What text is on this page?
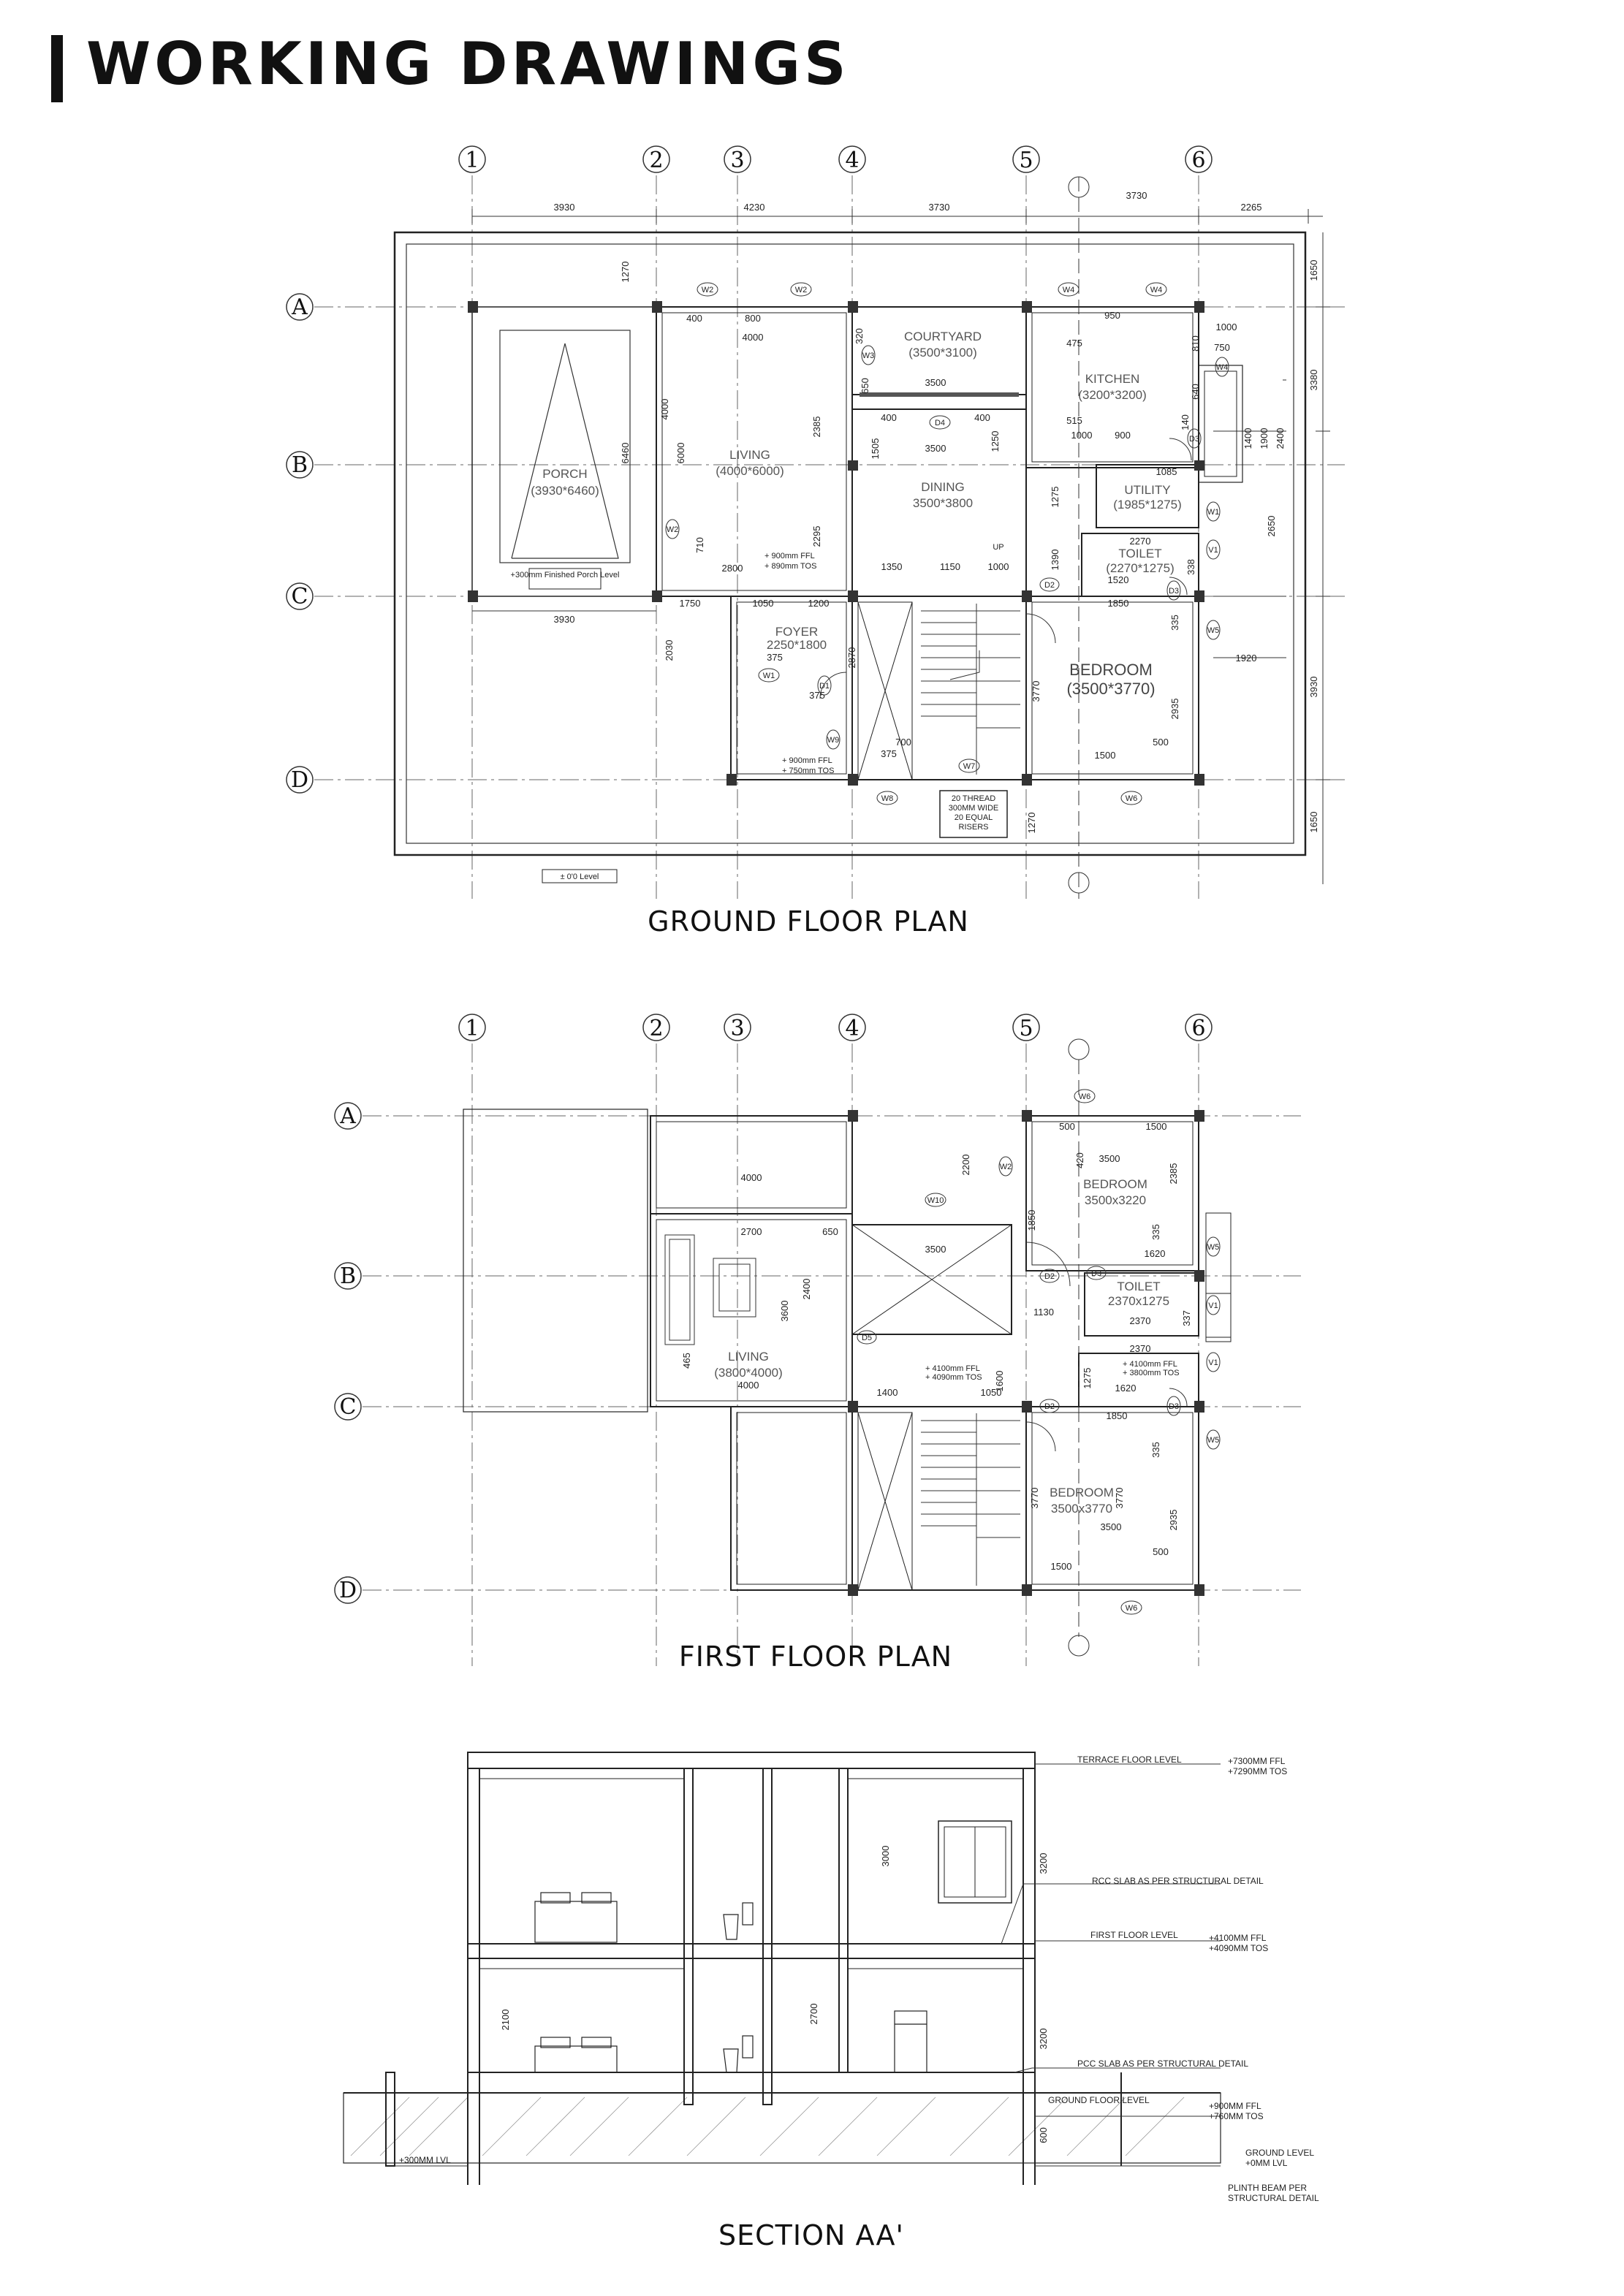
WORKING DRAWINGS
1	2	3	4	5	6
A
B
C
D
3930	4230	3730
3730
2265
1650
3380
2650
3930
1650
1920
1270
6460
2030
PORCH
(3930*6460)
+300mm Finished Porch Level
3930
LIVING
(4000*6000)
COURTYARD
(3500*3100)
DINING
3500*3800
KITCHEN
(3200*3200)
UTILITY
(1985*1275)
TOILET
(2270*1275)
FOYER
2250*1800
BEDROOM
(3500*3770)
+ 900mm FFL
+ 890mm TOS
+ 900mm FFL
+ 750mm TOS
UP
20 THREAD
300MM WIDE
20 EQUAL
RISERS
± 0'0 Level
400	800
4000
3500
400	400
3500
2800	1350	1150	1000
1750	1050	1200
375
375
700
375	1500
500
1850
1520
2270
1000 900
515
1085
475
950
1000
750
4000
6000
2385
2295
1505	1250
320
650
2870
3770
2935
335
338
1275
1390
810
640
140
1400 1900 2400
710
1270
W2	W2
W3
D4
W4	W4
W4
D3
W1
V1
D3
D2
W5
W2
W1
D1
W9
W8
W7
W6
GROUND FLOOR PLAN
1	2	3	4	5	6
A
B
C
D
BEDROOM
3500x3220
TOILET
2370x1275
LIVING
(3800*4000)
BEDROOM
3500x3770
+ 4100mm FFL
+ 4090mm TOS
+ 4100mm FFL
+ 3800mm TOS
4000
2700	650
3500
500	1500
3500
1620
1130
2370
2370
1620
1850
1400	1050
4000
3500
500
1500
2400
3600
1850
2200	420
2385
335
337
1275
335
1600
465
3770	3770
2935
W6
W2
W10
W5
D2	D3
V1
D5
V1
D2	D3
W5
W6
FIRST FLOOR PLAN
3000	3200
2100	2700
3200
600
TERRACE FLOOR LEVEL	+7300MM FFL
+7290MM TOS
RCC SLAB AS PER STRUCTURAL DETAIL
FIRST FLOOR LEVEL	+4100MM FFL
+4090MM TOS
PCC SLAB AS PER STRUCTURAL DETAIL
GROUND FLOOR LEVEL
+900MM FFL
+760MM TOS
GROUND LEVEL
+0MM LVL
PLINTH BEAM PER
STRUCTURAL DETAIL
+300MM LVL
SECTION AA'
